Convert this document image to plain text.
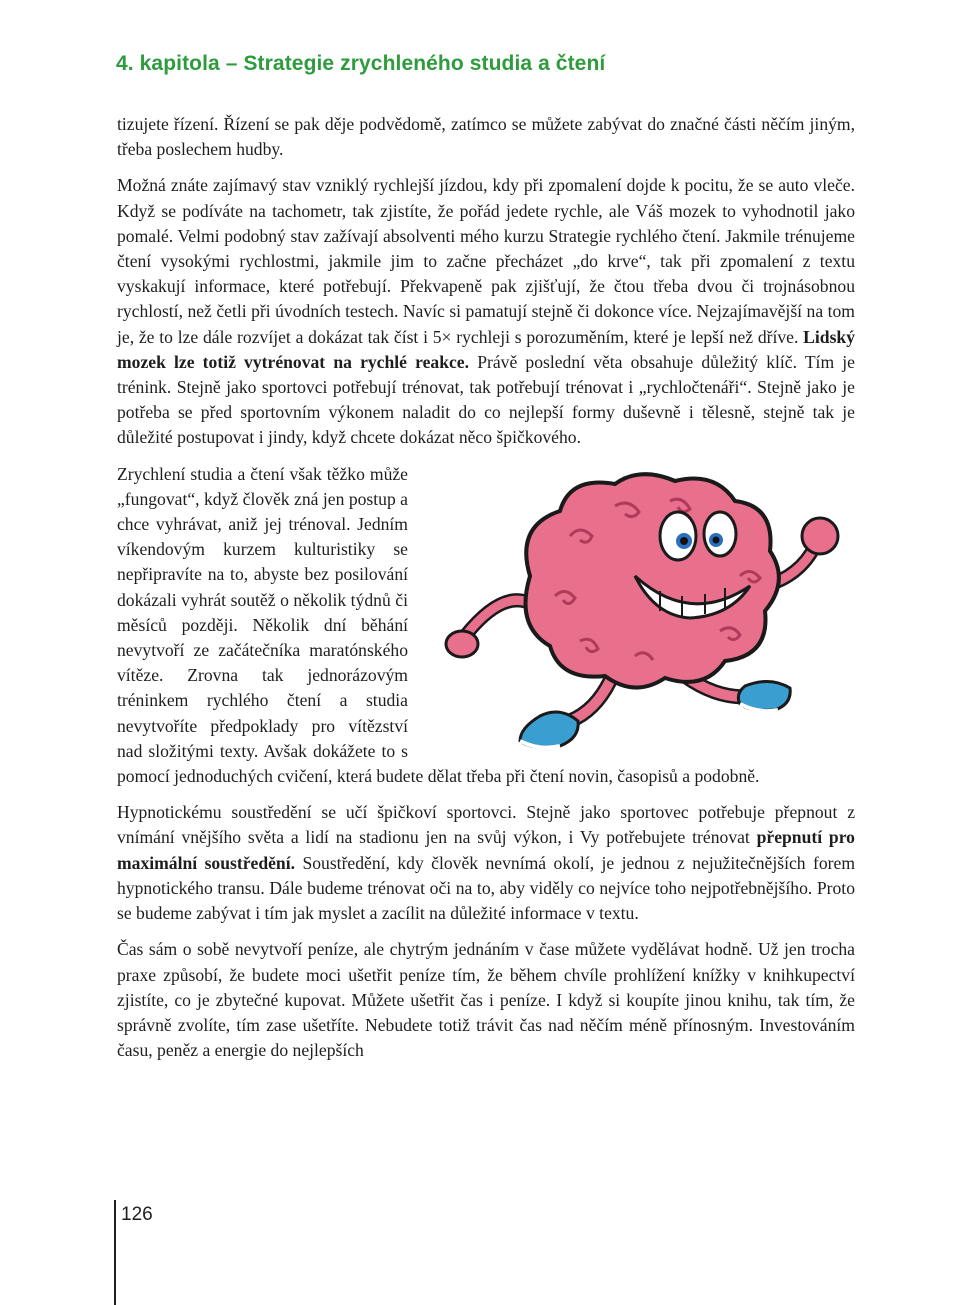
4. kapitola – Strategie zrychleného studia a čtení

tizujete řízení. Řízení se pak děje podvědomě, zatímco se můžete zabývat do značné části něčím jiným, třeba poslechem hudby.

Možná znáte zajímavý stav vzniklý rychlejší jízdou, kdy při zpomalení dojde k pocitu, že se auto vleče. Když se podíváte na tachometr, tak zjistíte, že pořád jedete rychle, ale Váš mozek to vyhodnotil jako pomalé. Velmi podobný stav zažívají absolventi mého kurzu Strategie rychlého čtení. Jakmile trénujeme čtení vysokými rychlostmi, jakmile jim to začne přecházet „do krve“, tak při zpomalení z textu vyskakují informace, které potřebují. Překvapeně pak zjišťují, že čtou třeba dvou či trojnásobnou rychlostí, než četli při úvodních testech. Navíc si pamatují stejně či dokonce více. Nejzajímavější na tom je, že to lze dále rozvíjet a dokázat tak číst i 5× rychleji s porozuměním, které je lepší než dříve. Lidský mozek lze totiž vytrénovat na rychlé reakce. Právě poslední věta obsahuje důležitý klíč. Tím je trénink. Stejně jako sportovci potřebují trénovat, tak potřebují trénovat i „rychločtenáři“. Stejně jako je potřeba se před sportovním výkonem naladit do co nejlepší formy duševně i tělesně, stejně tak je důležité postupovat i jindy, když chcete dokázat něco špičkového.

Zrychlení studia a čtení však těžko může „fungovat“, když člověk zná jen postup a chce vyhrávat, aniž jej trénoval. Jedním víkendovým kurzem kulturistiky se nepřipravíte na to, abyste bez posilování dokázali vyhrát soutěž o několik týdnů či měsíců později. Několik dní běhání nevytvoří ze začátečníka maratónského vítěze. Zrovna tak jednorázovým tréninkem rychlého čtení a studia nevytvoříte předpoklady pro vítězství nad složitými texty. Avšak dokážete to s pomocí jednoduchých cvičení, která budete dělat třeba při čtení novin, časopisů a podobně.

Hypnotickému soustředění se učí špičkoví sportovci. Stejně jako sportovec potřebuje přepnout z vnímání vnějšího světa a lidí na stadionu jen na svůj výkon, i Vy potřebujete trénovat přepnutí pro maximální soustředění. Soustředění, kdy člověk nevnímá okolí, je jednou z nejužitečnějších forem hypnotického transu. Dále budeme trénovat oči na to, aby viděly co nejvíce toho nejpotřebnějšího. Proto se budeme zabývat i tím jak myslet a zacílit na důležité informace v textu.

Čas sám o sobě nevytvoří peníze, ale chytrým jednáním v čase můžete vydělávat hodně. Už jen trocha praxe způsobí, že budete moci ušetřit peníze tím, že během chvíle prohlížení knížky v knihkupectví zjistíte, co je zbytečné kupovat. Můžete ušetřit čas i peníze. I když si koupíte jinou knihu, tak tím, že správně zvolíte, tím zase ušetříte. Nebudete totiž trávit čas nad něčím méně přínosným. Investováním času, peněz a energie do nejlepších

126
